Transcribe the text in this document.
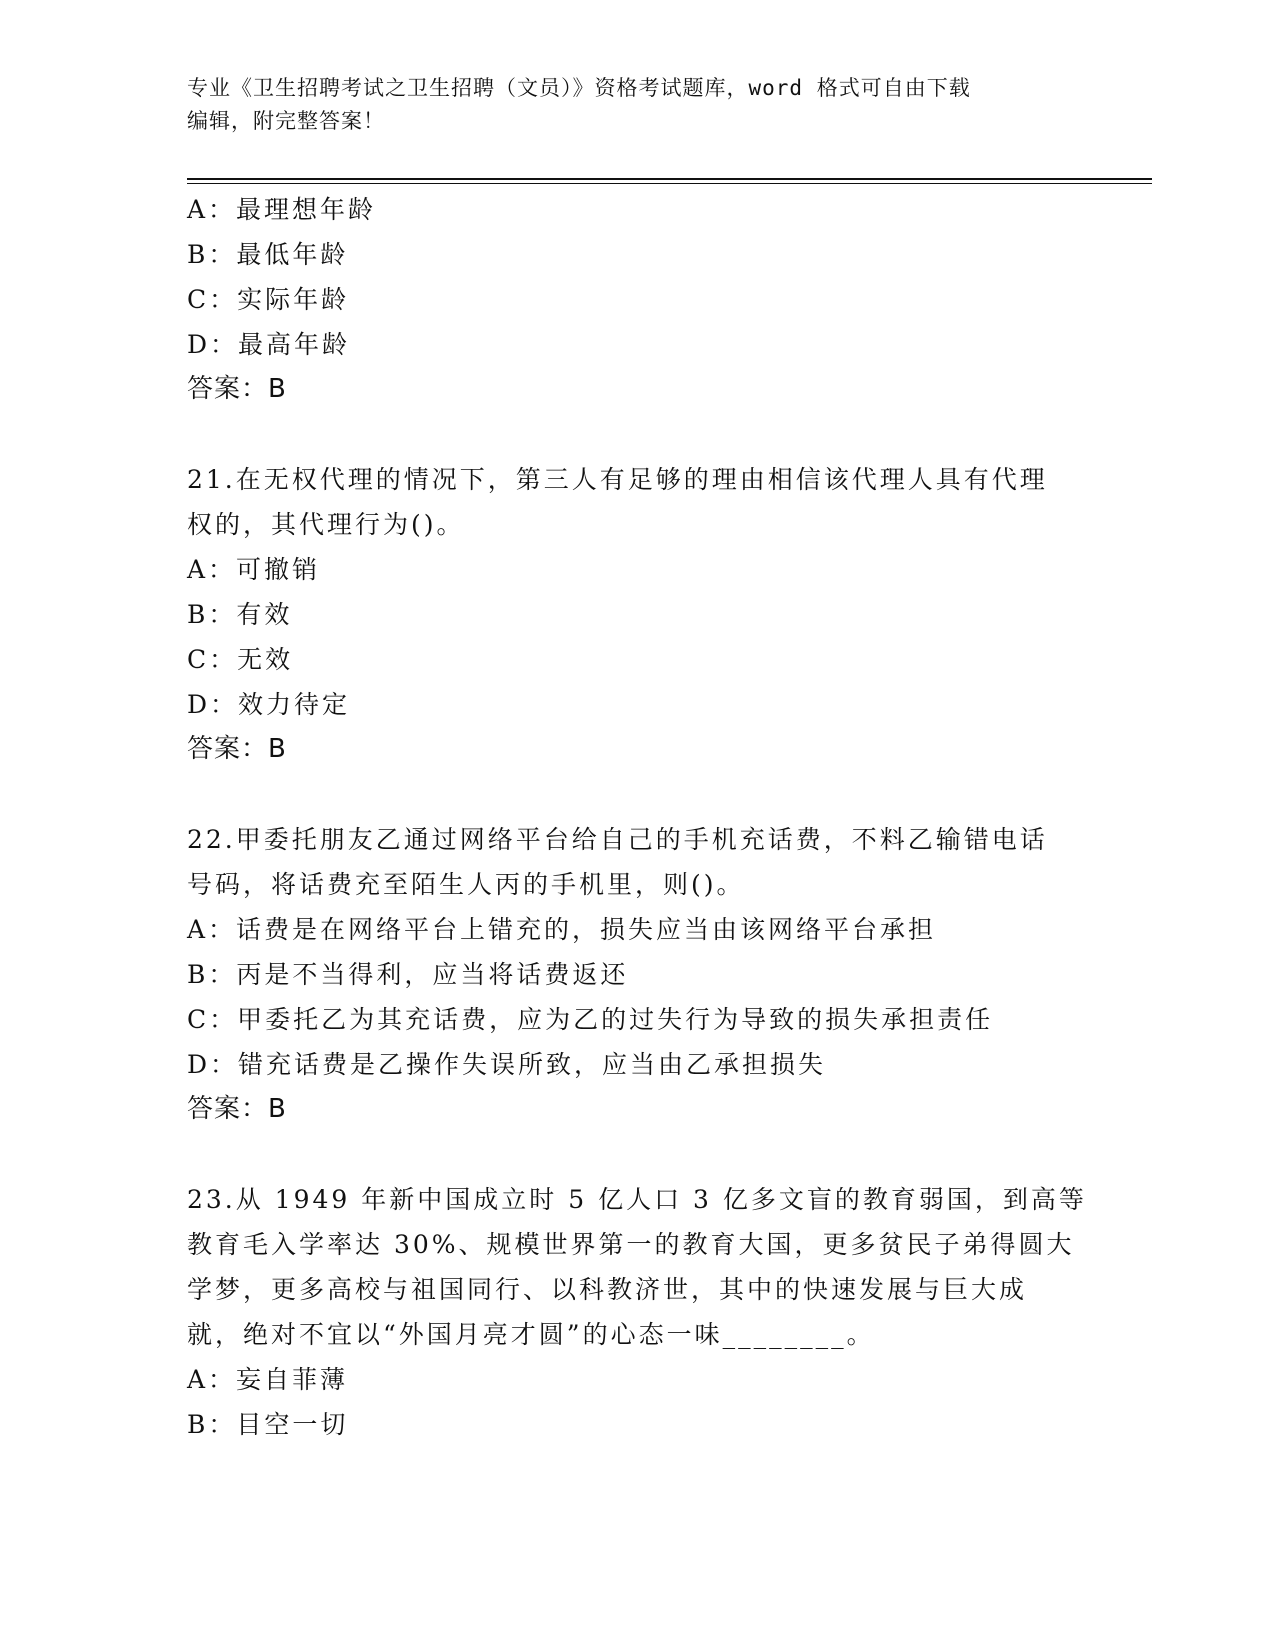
专业《卫生招聘考试之卫生招聘（文员）》资格考试题库，word 格式可自由下载
编辑，附完整答案！
A：最理想年龄
B：最低年龄
C：实际年龄
D：最高年龄
答案：B
21.在无权代理的情况下，第三人有足够的理由相信该代理人具有代理
权的，其代理行为()。
A：可撤销
B：有效
C：无效
D：效力待定
答案：B
22.甲委托朋友乙通过网络平台给自己的手机充话费，不料乙输错电话
号码，将话费充至陌生人丙的手机里，则()。
A：话费是在网络平台上错充的，损失应当由该网络平台承担
B：丙是不当得利，应当将话费返还
C：甲委托乙为其充话费，应为乙的过失行为导致的损失承担责任
D：错充话费是乙操作失误所致，应当由乙承担损失
答案：B
23.从 1949 年新中国成立时 5 亿人口 3 亿多文盲的教育弱国，到高等
教育毛入学率达 30%、规模世界第一的教育大国，更多贫民子弟得圆大
学梦，更多高校与祖国同行、以科教济世，其中的快速发展与巨大成
就，绝对不宜以“外国月亮才圆”的心态一味________。
A：妄自菲薄
B：目空一切
